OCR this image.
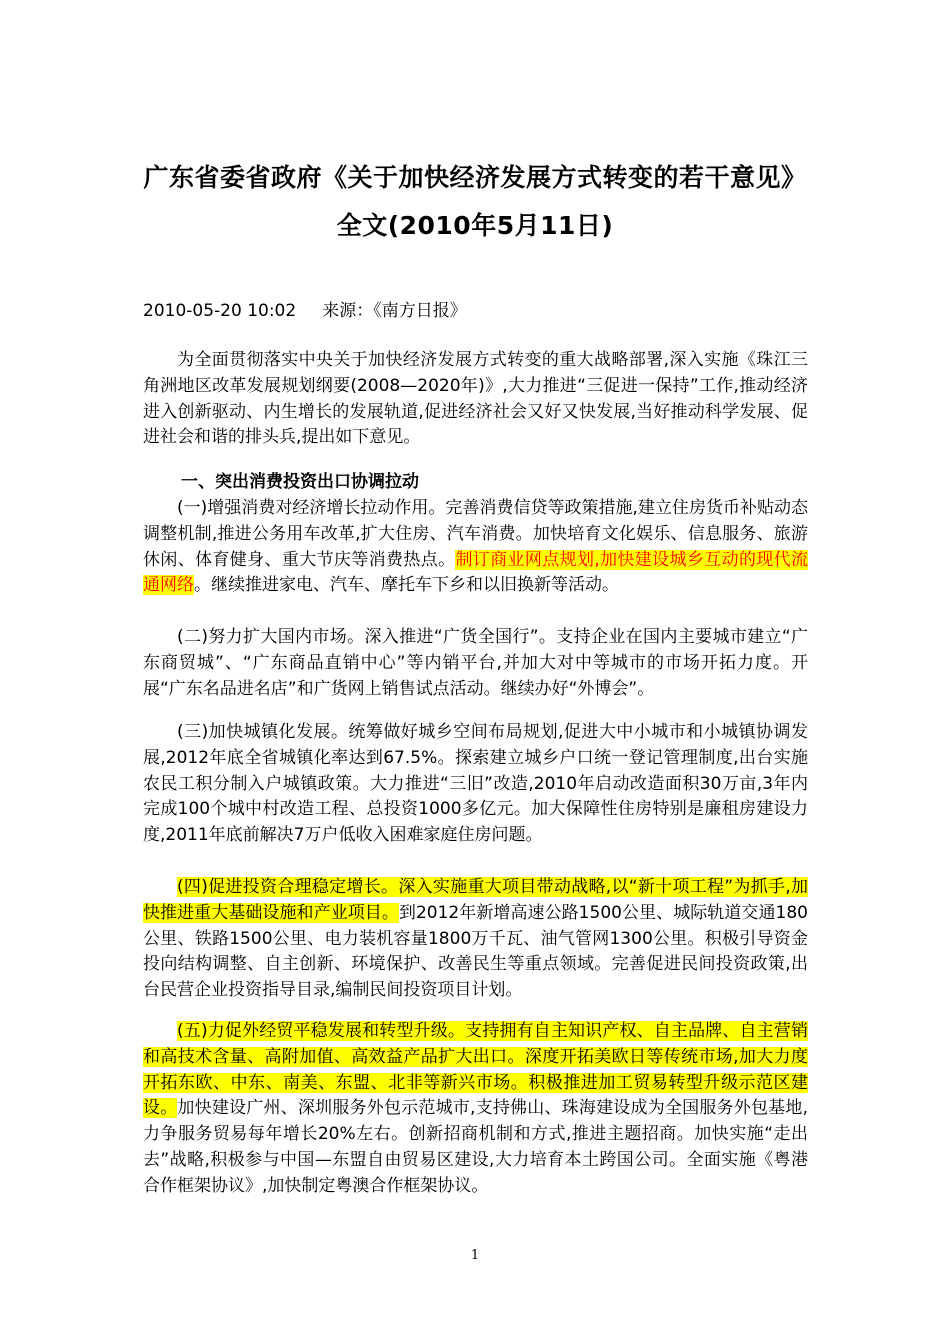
广东省委省政府《关于加快经济发展方式转变的若干意见》
全文(2010年5月11日)
2010-05-20 10:02 来源：《南方日报》

为全面贯彻落实中央关于加快经济发展方式转变的重大战略部署,深入实施《珠江三角洲地区改革发展规划纲要(2008—2020年)》,大力推进“三促进一保持”工作,推动经济进入创新驱动、内生增长的发展轨道,促进经济社会又好又快发展,当好推动科学发展、促进社会和谐的排头兵,提出如下意见。

一、突出消费投资出口协调拉动

(一)增强消费对经济增长拉动作用。完善消费信贷等政策措施,建立住房货币补贴动态调整机制,推进公务用车改革,扩大住房、汽车消费。加快培育文化娱乐、信息服务、旅游休闲、体育健身、重大节庆等消费热点。制订商业网点规划,加快建设城乡互动的现代流通网络。继续推进家电、汽车、摩托车下乡和以旧换新等活动。

(二)努力扩大国内市场。深入推进“广货全国行”。支持企业在国内主要城市建立“广东商贸城”、“广东商品直销中心”等内销平台,并加大对中等城市的市场开拓力度。开展“广东名品进名店”和广货网上销售试点活动。继续办好“外博会”。

(三)加快城镇化发展。统筹做好城乡空间布局规划,促进大中小城市和小城镇协调发展,2012年底全省城镇化率达到67.5%。探索建立城乡户口统一登记管理制度,出台实施农民工积分制入户城镇政策。大力推进“三旧”改造,2010年启动改造面积30万亩,3年内完成100个城中村改造工程、总投资1000多亿元。加大保障性住房特别是廉租房建设力度,2011年底前解决7万户低收入困难家庭住房问题。

(四)促进投资合理稳定增长。深入实施重大项目带动战略,以“新十项工程”为抓手,加快推进重大基础设施和产业项目。到2012年新增高速公路1500公里、城际轨道交通180公里、铁路1500公里、电力装机容量1800万千瓦、油气管网1300公里。积极引导资金投向结构调整、自主创新、环境保护、改善民生等重点领域。完善促进民间投资政策,出台民营企业投资指导目录,编制民间投资项目计划。

(五)力促外经贸平稳发展和转型升级。支持拥有自主知识产权、自主品牌、自主营销和高技术含量、高附加值、高效益产品扩大出口。深度开拓美欧日等传统市场,加大力度开拓东欧、中东、南美、东盟、北非等新兴市场。积极推进加工贸易转型升级示范区建设。加快建设广州、深圳服务外包示范城市,支持佛山、珠海建设成为全国服务外包基地,力争服务贸易每年增长20%左右。创新招商机制和方式,推进主题招商。加快实施“走出去”战略,积极参与中国—东盟自由贸易区建设,大力培育本土跨国公司。全面实施《粤港合作框架协议》,加快制定粤澳合作框架协议。

1
